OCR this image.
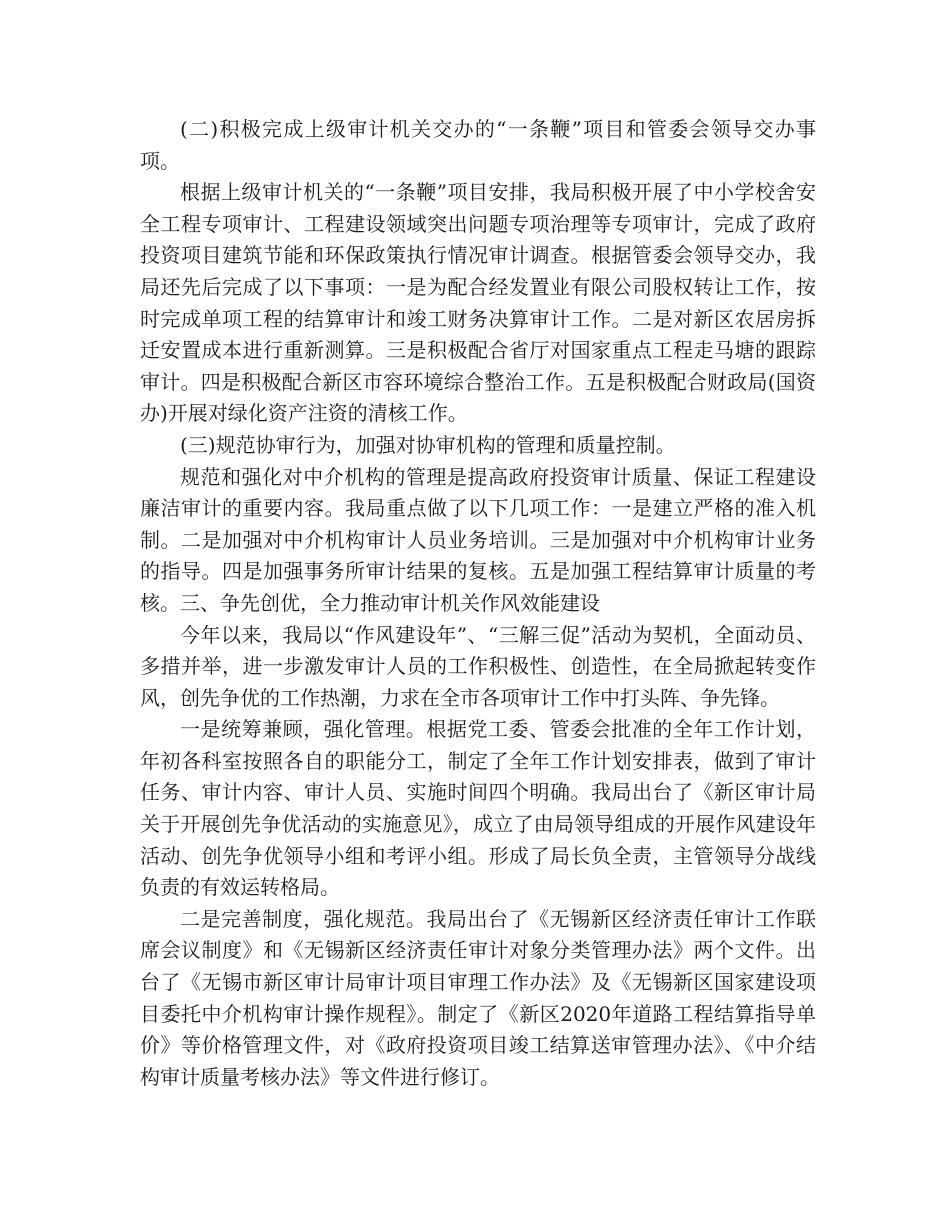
(二)积极完成上级审计机关交办的“一条鞭”项目和管委会领导交办事项。

根据上级审计机关的“一条鞭”项目安排，我局积极开展了中小学校舍安全工程专项审计、工程建设领域突出问题专项治理等专项审计，完成了政府投资项目建筑节能和环保政策执行情况审计调查。根据管委会领导交办，我局还先后完成了以下事项：一是为配合经发置业有限公司股权转让工作，按时完成单项工程的结算审计和竣工财务决算审计工作。二是对新区农居房拆迁安置成本进行重新测算。三是积极配合省厅对国家重点工程走马塘的跟踪审计。四是积极配合新区市容环境综合整治工作。五是积极配合财政局(国资办)开展对绿化资产注资的清核工作。

(三)规范协审行为，加强对协审机构的管理和质量控制。

规范和强化对中介机构的管理是提高政府投资审计质量、保证工程建设廉洁审计的重要内容。我局重点做了以下几项工作：一是建立严格的准入机制。二是加强对中介机构审计人员业务培训。三是加强对中介机构审计业务的指导。四是加强事务所审计结果的复核。五是加强工程结算审计质量的考核。三、争先创优，全力推动审计机关作风效能建设

今年以来，我局以“作风建设年”、“三解三促”活动为契机，全面动员、多措并举，进一步激发审计人员的工作积极性、创造性，在全局掀起转变作风，创先争优的工作热潮，力求在全市各项审计工作中打头阵、争先锋。

一是统筹兼顾，强化管理。根据党工委、管委会批准的全年工作计划，年初各科室按照各自的职能分工，制定了全年工作计划安排表，做到了审计任务、审计内容、审计人员、实施时间四个明确。我局出台了《新区审计局关于开展创先争优活动的实施意见》，成立了由局领导组成的开展作风建设年活动、创先争优领导小组和考评小组。形成了局长负全责，主管领导分战线负责的有效运转格局。

二是完善制度，强化规范。我局出台了《无锡新区经济责任审计工作联席会议制度》和《无锡新区经济责任审计对象分类管理办法》两个文件。出台了《无锡市新区审计局审计项目审理工作办法》及《无锡新区国家建设项目委托中介机构审计操作规程》。制定了《新区2020年道路工程结算指导单价》等价格管理文件，对《政府投资项目竣工结算送审管理办法》、《中介结构审计质量考核办法》等文件进行修订。
